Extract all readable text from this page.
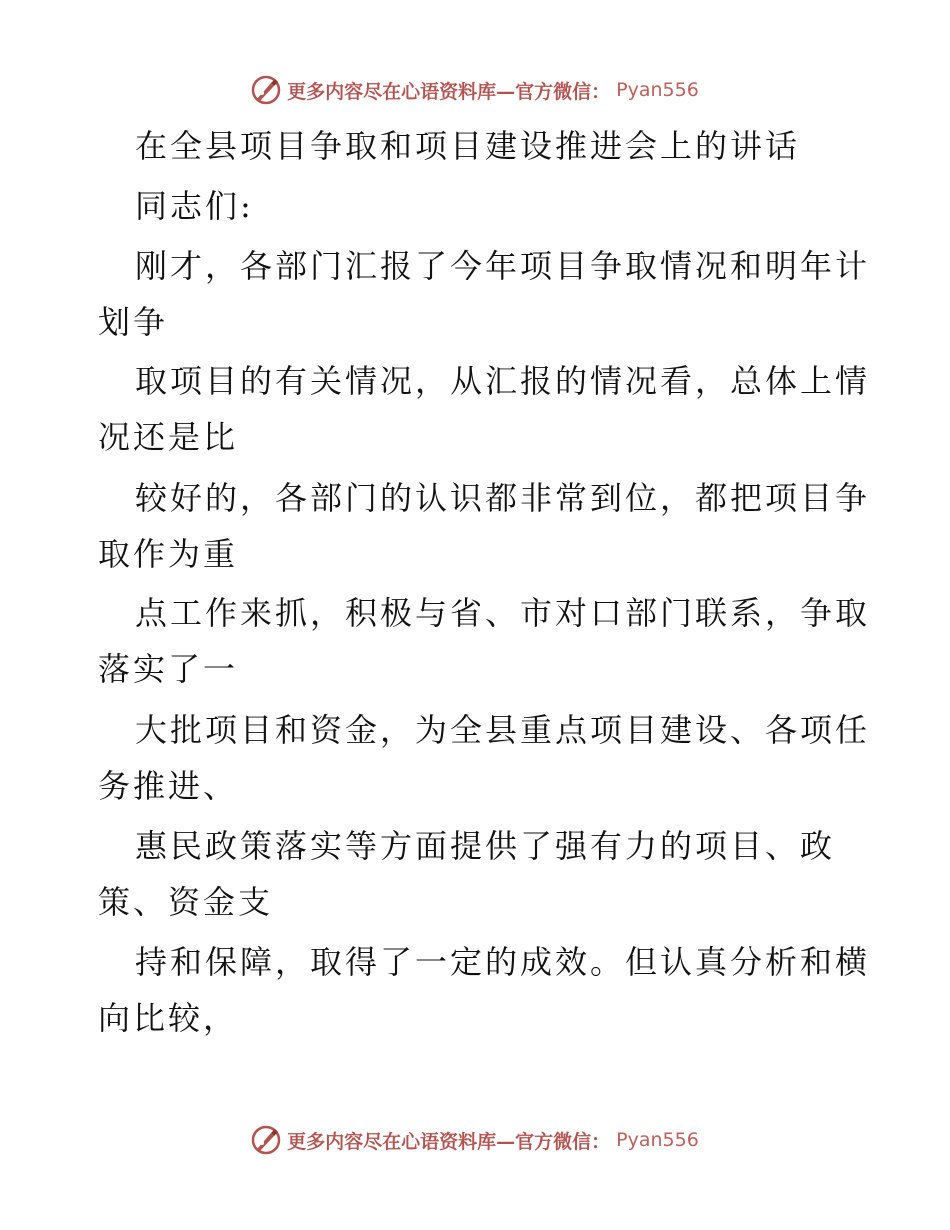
更多内容尽在心语资料库—官方微信： Pyan556
在全县项目争取和项目建设推进会上的讲话
同志们:
刚才，各部门汇报了今年项目争取情况和明年计
划争
取项目的有关情况，从汇报的情况看，总体上情
况还是比
较好的，各部门的认识都非常到位，都把项目争
取作为重
点工作来抓，积极与省、市对口部门联系，争取
落实了一
大批项目和资金，为全县重点项目建设、各项任
务推进、
惠民政策落实等方面提供了强有力的项目、政
策、资金支
持和保障，取得了一定的成效。但认真分析和横
向比较，
更多内容尽在心语资料库—官方微信： Pyan556
